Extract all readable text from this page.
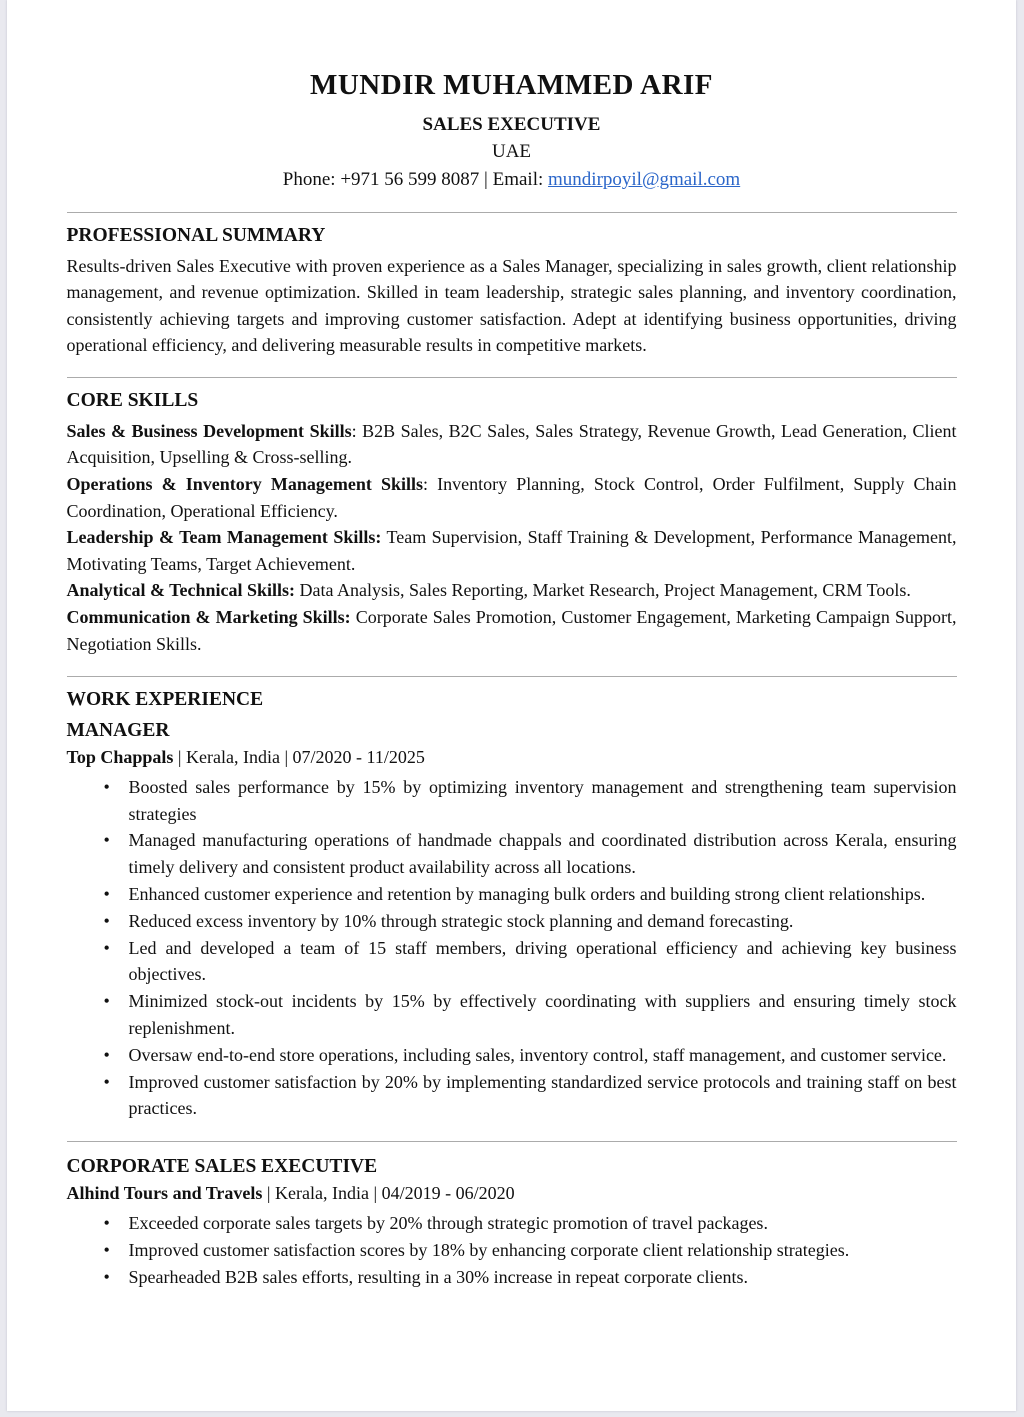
MUNDIR MUHAMMED ARIF
SALES EXECUTIVE
UAE
Phone: +971 56 599 8087 | Email: mundirpoyil@gmail.com
PROFESSIONAL SUMMARY

Results-driven Sales Executive with proven experience as a Sales Manager, specializing in sales growth, client relationship management, and revenue optimization. Skilled in team leadership, strategic sales planning, and inventory coordination, consistently achieving targets and improving customer satisfaction. Adept at identifying business opportunities, driving operational efficiency, and delivering measurable results in competitive markets.

CORE SKILLS

Sales & Business Development Skills: B2B Sales, B2C Sales, Sales Strategy, Revenue Growth, Lead Generation, Client Acquisition, Upselling & Cross-selling.

Operations & Inventory Management Skills: Inventory Planning, Stock Control, Order Fulfilment, Supply Chain Coordination, Operational Efficiency.

Leadership & Team Management Skills: Team Supervision, Staff Training & Development, Performance Management, Motivating Teams, Target Achievement.

Analytical & Technical Skills: Data Analysis, Sales Reporting, Market Research, Project Management, CRM Tools.

Communication & Marketing Skills: Corporate Sales Promotion, Customer Engagement, Marketing Campaign Support, Negotiation Skills.

WORK EXPERIENCE
MANAGER

Top Chappals | Kerala, India | 07/2020 - 11/2025

• Boosted sales performance by 15% by optimizing inventory management and strengthening team supervision strategies
• Managed manufacturing operations of handmade chappals and coordinated distribution across Kerala, ensuring timely delivery and consistent product availability across all locations.
• Enhanced customer experience and retention by managing bulk orders and building strong client relationships.
• Reduced excess inventory by 10% through strategic stock planning and demand forecasting.
• Led and developed a team of 15 staff members, driving operational efficiency and achieving key business objectives.
• Minimized stock-out incidents by 15% by effectively coordinating with suppliers and ensuring timely stock replenishment.
• Oversaw end-to-end store operations, including sales, inventory control, staff management, and customer service.
• Improved customer satisfaction by 20% by implementing standardized service protocols and training staff on best practices.
CORPORATE SALES EXECUTIVE

Alhind Tours and Travels | Kerala, India | 04/2019 - 06/2020

• Exceeded corporate sales targets by 20% through strategic promotion of travel packages.
• Improved customer satisfaction scores by 18% by enhancing corporate client relationship strategies.
• Spearheaded B2B sales efforts, resulting in a 30% increase in repeat corporate clients.
